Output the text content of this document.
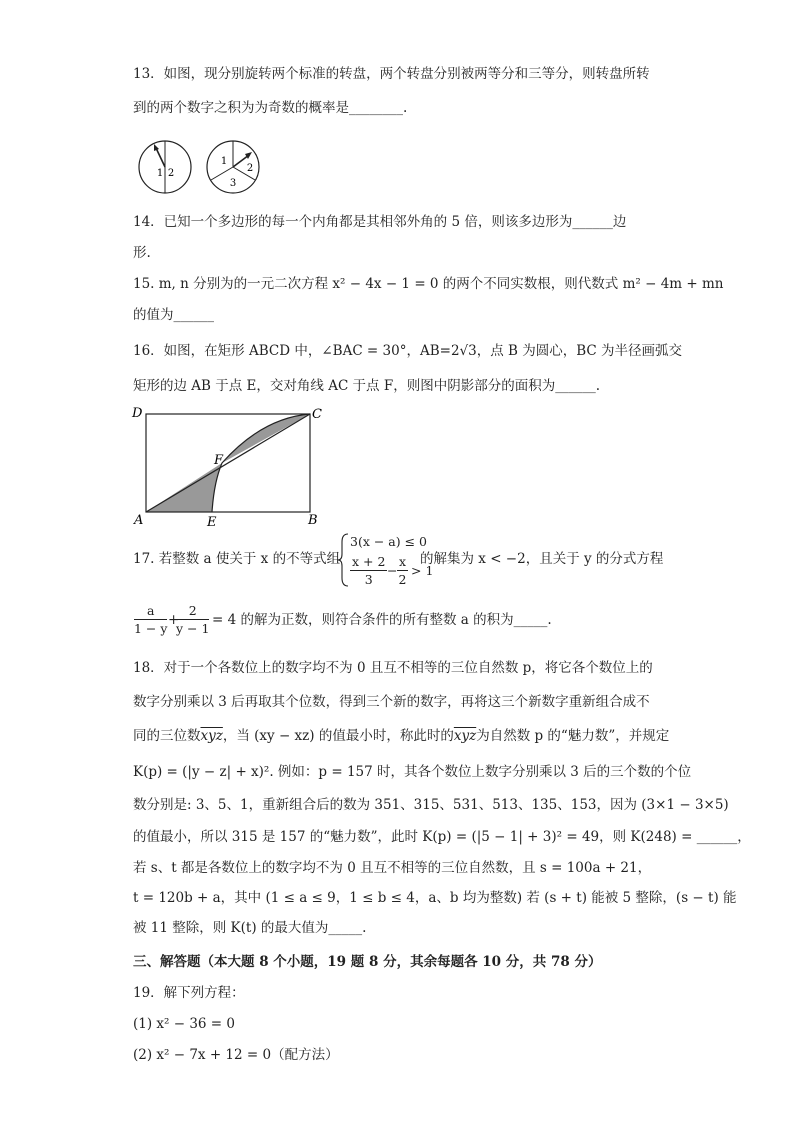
13．如图，现分别旋转两个标准的转盘，两个转盘分别被两等分和三等分，则转盘所转
到的两个数字之积为为奇数的概率是________.
1 2
1
2
3
14．已知一个多边形的每一个内角都是其相邻外角的 5 倍，则该多边形为______边
形.
15. m, n 分别为的一元二次方程 x² − 4x − 1 = 0 的两个不同实数根，则代数式 m² − 4m + mn
的值为______
16．如图，在矩形 ABCD 中，∠BAC = 30°，AB=2√3，点 B 为圆心，BC 为半径画弧交
矩形的边 AB 于点 E，交对角线 AC 于点 F，则图中阴影部分的面积为______.
D	C
F
A	E	B
17. 若整数 a 使关于 x 的不等式组
3(x − a) ≤ 0
$\frac{x + 2}{3} - \frac{x}{2} > 1$
的解集为 x < −2，且关于 y 的分式方程
$\frac{a}{1 - y}$ +
$\frac{2}{y - 1} = 4$ 的解为正数，则符合条件的所有整数 a 的积为_____.
18．对于一个各数位上的数字均不为 0 且互不相等的三位自然数 p，将它各个数位上的
数字分别乘以 3 后再取其个位数，得到三个新的数字，再将这三个新数字重新组合成不
同的三位数$\overline{xyz}$，当 (xy − xz) 的值最小时，称此时的$\overline{xyz}$为自然数 p 的“魅力数”，并规定
K(p) = (|y − z| + x)². 例如：p = 157 时，其各个数位上数字分别乘以 3 后的三个数的个位
数分别是: 3、5、1，重新组合后的数为 351、315、531、513、135、153，因为 (3×1 − 3×5)
的值最小，所以 315 是 157 的“魅力数”，此时 K(p) = (|5 − 1| + 3)² = 49，则 K(248) = ______，
若 s、t 都是各数位上的数字均不为 0 且互不相等的三位自然数，且 s = 100a + 21，
t = 120b + a，其中 (1 ≤ a ≤ 9，1 ≤ b ≤ 4，a、b 均为整数) 若 (s + t) 能被 5 整除，(s − t) 能
被 11 整除，则 K(t) 的最大值为_____.
三、解答题（本大题 8 个小题，19 题 8 分，其余每题各 10 分，共 78 分）
19．解下列方程：
(1) x² − 36 = 0
(2) x² − 7x + 12 = 0（配方法）
